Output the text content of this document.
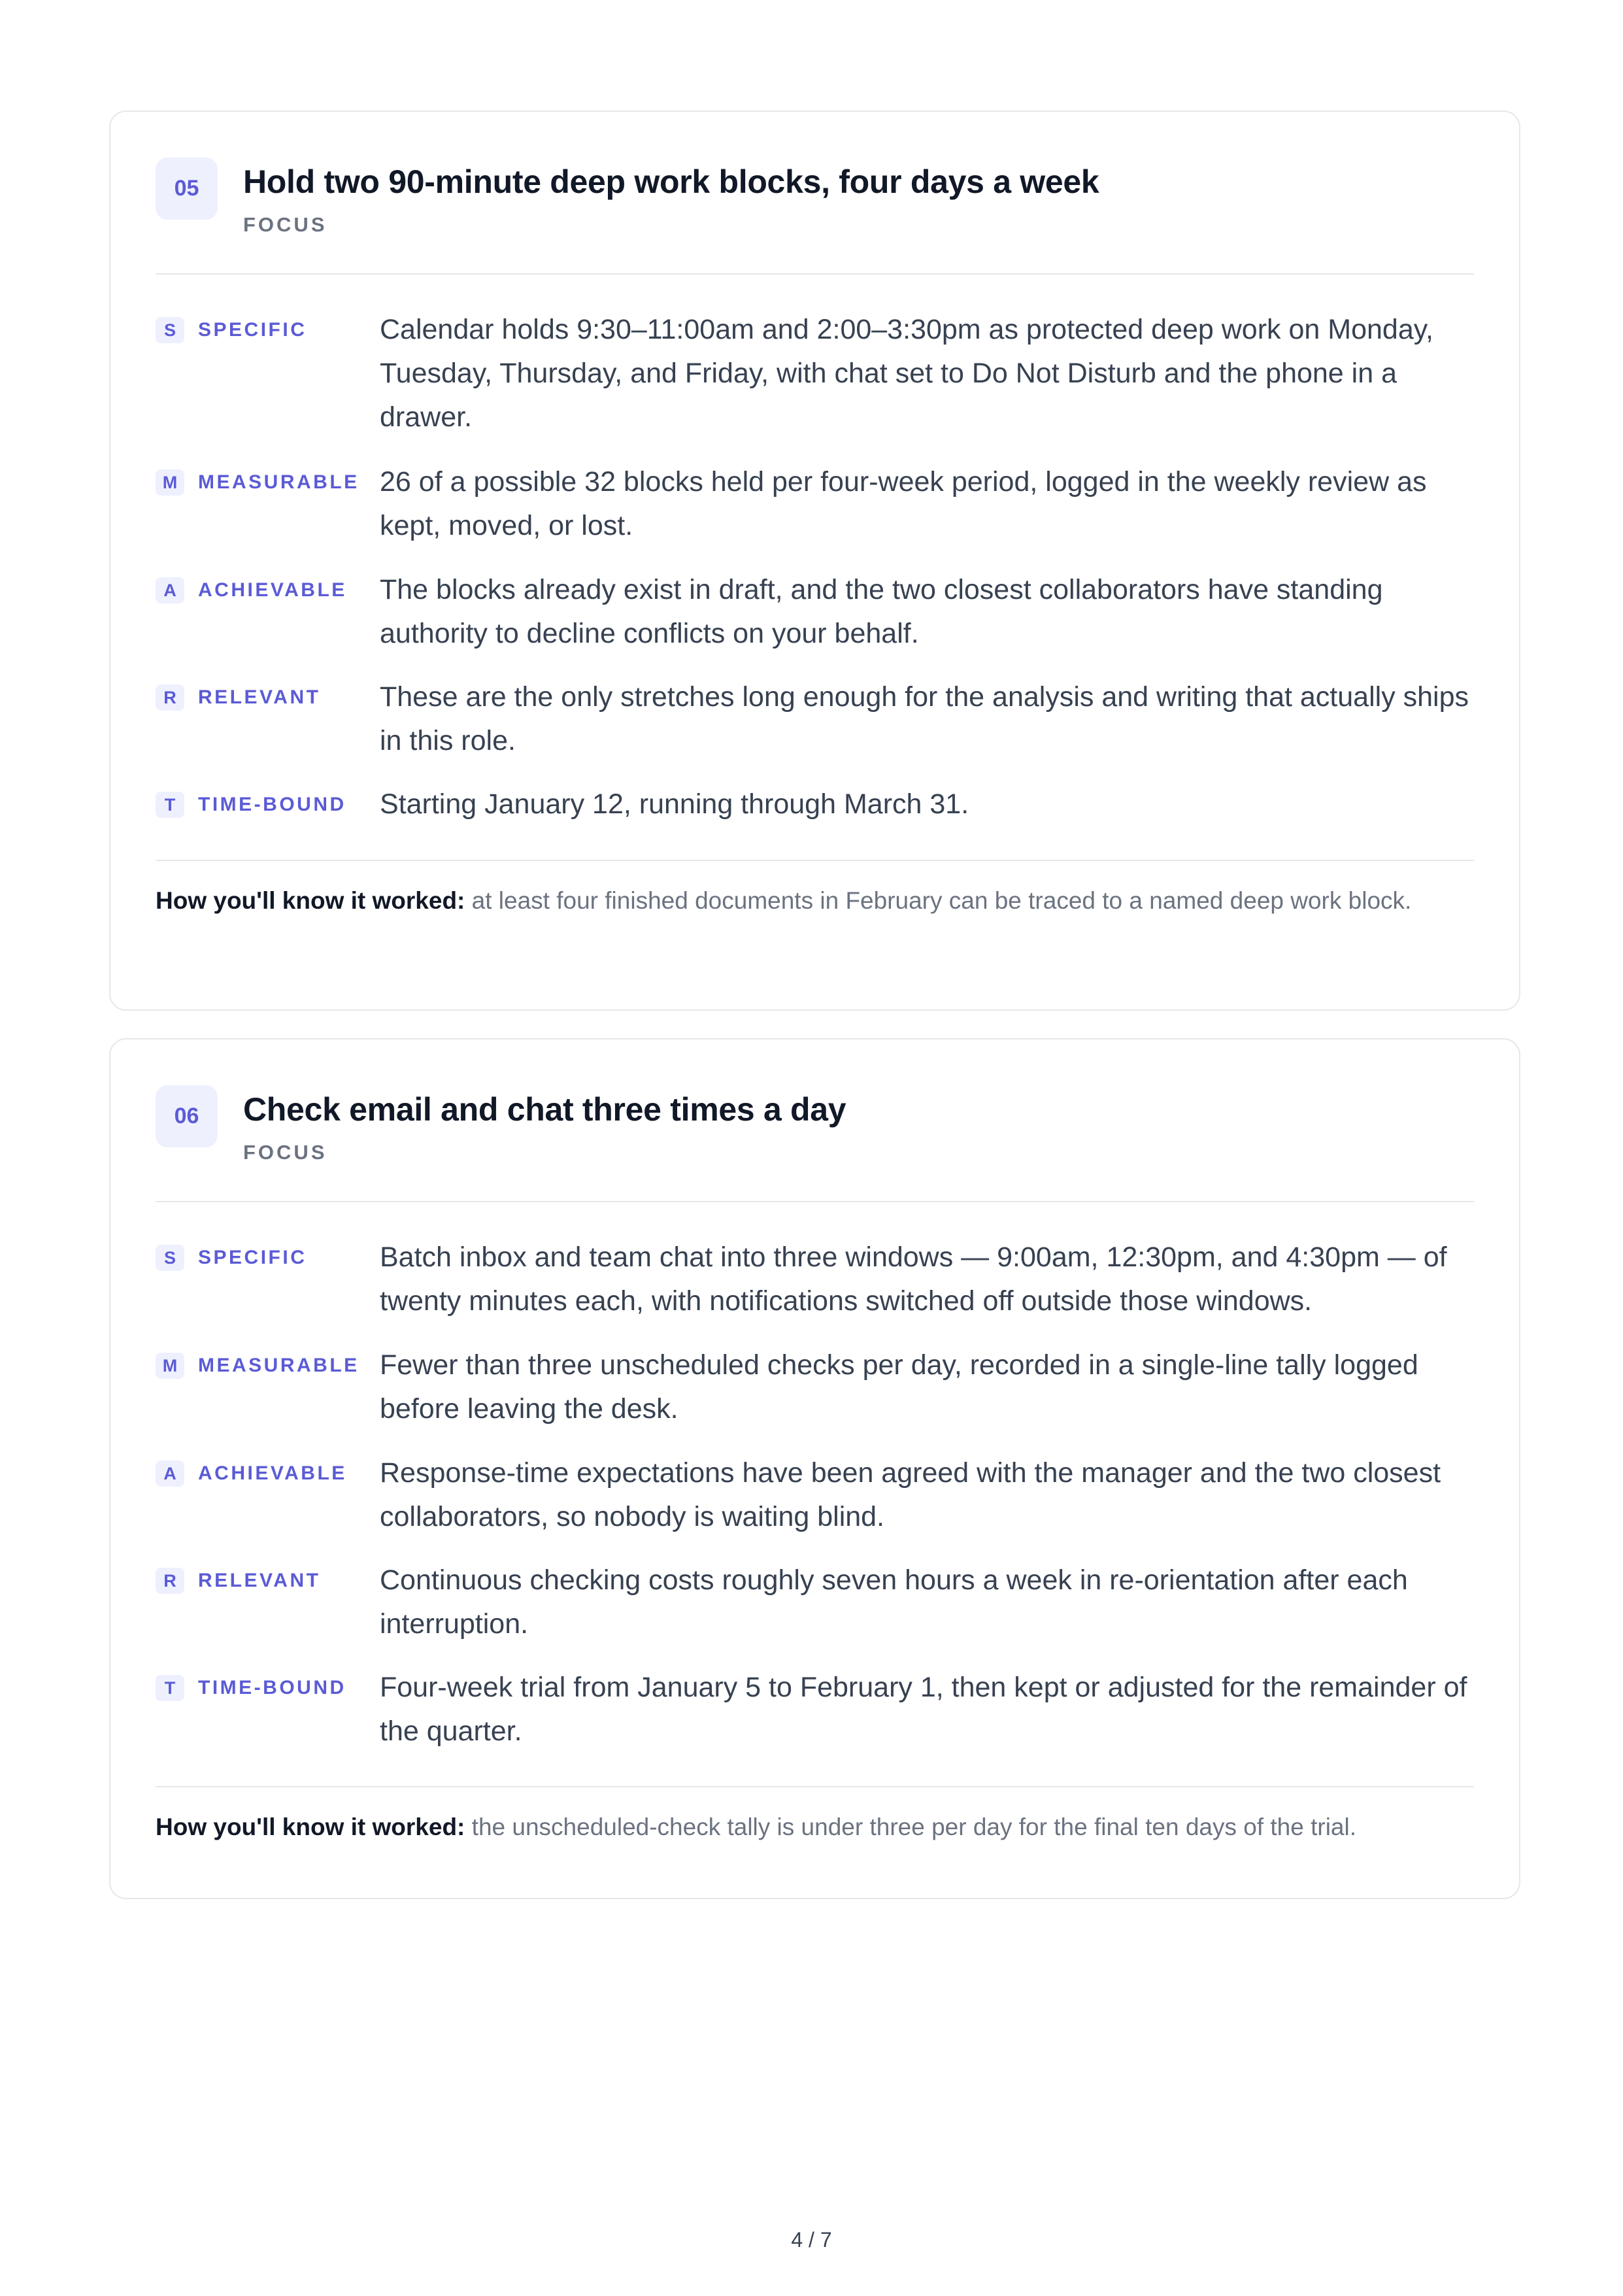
05	Hold two 90-minute deep work blocks, four days a week
FOCUS
S	SPECIFIC	Calendar holds 9:30–11:00am and 2:00–3:30pm as protected deep work on Monday, Tuesday, Thursday, and Friday, with chat set to Do Not Disturb and the phone in a drawer.
M	MEASURABLE 26 of a possible 32 blocks held per four-week period, logged in the weekly review as kept, moved, or lost.
A	ACHIEVABLE The blocks already exist in draft, and the two closest collaborators have standing authority to decline conflicts on your behalf.
R	RELEVANT These are the only stretches long enough for the analysis and writing that actually ships in this role.
T	TIME-BOUND Starting January 12, running through March 31.
How you'll know it worked: at least four finished documents in February can be traced to a named deep work block.
06	Check email and chat three times a day
FOCUS
S	SPECIFIC	Batch inbox and team chat into three windows — 9:00am, 12:30pm, and 4:30pm — of twenty minutes each, with notifications switched off outside those windows.
M	MEASURABLE Fewer than three unscheduled checks per day, recorded in a single-line tally logged before leaving the desk.
A	ACHIEVABLE Response-time expectations have been agreed with the manager and the two closest collaborators, so nobody is waiting blind.
R	RELEVANT Continuous checking costs roughly seven hours a week in re-orientation after each interruption.
T	TIME-BOUND Four-week trial from January 5 to February 1, then kept or adjusted for the remainder of the quarter.
How you'll know it worked: the unscheduled-check tally is under three per day for the final ten days of the trial.
4 / 7
